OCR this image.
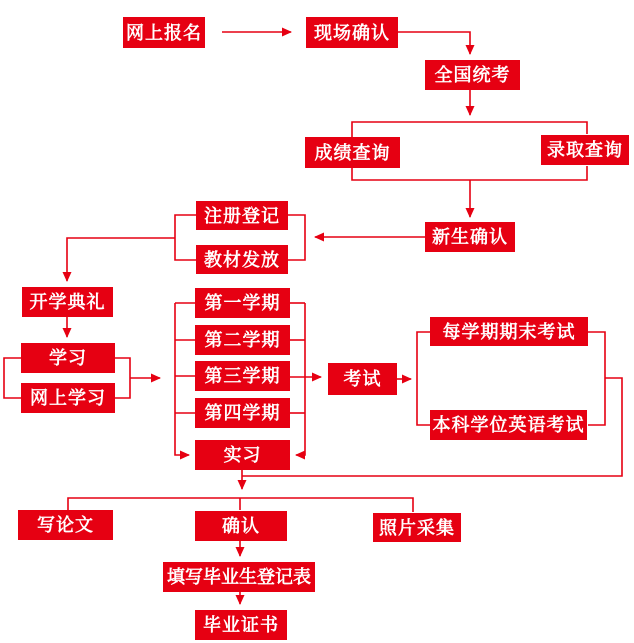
网上报名	现场确认
全国统考
成绩查询	录取查询
新生确认
注册登记
教材发放
开学典礼
学习
网上学习
第一学期
第二学期
第三学期
第四学期
实习
考试
每学期期末考试
本科学位英语考试
写论文	确认	照片采集
填写毕业生登记表
毕业证书
